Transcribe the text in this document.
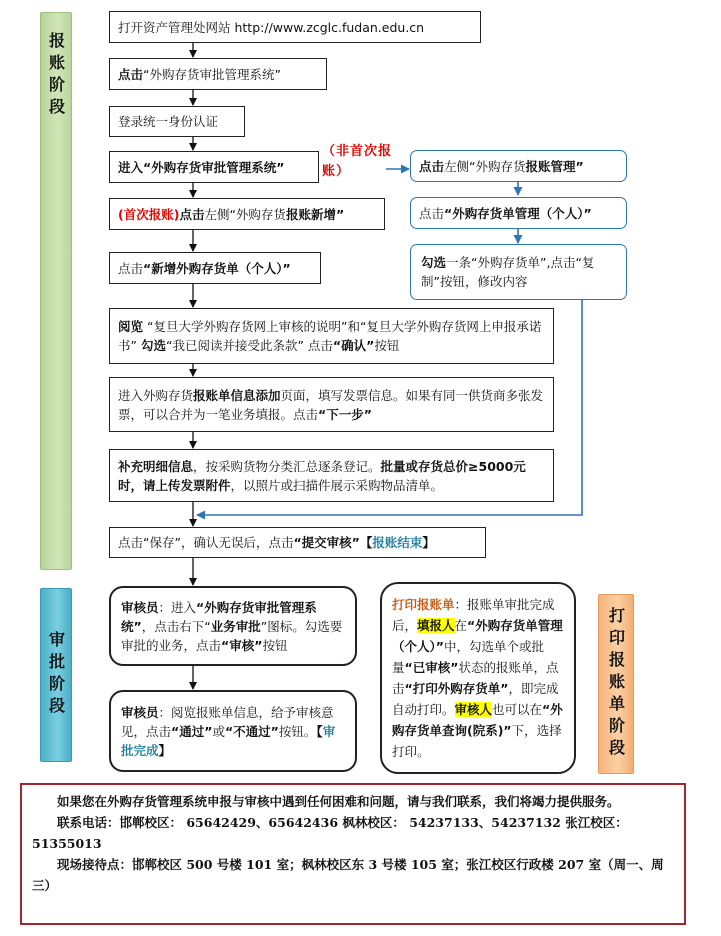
报账阶段
审批阶段	打印报账单阶段
打开资产管理处网站 http://www.zcglc.fudan.edu.cn
点击“外购存货审批管理系统”
登录统一身份认证
进入“外购存货审批管理系统”
(首次报账)点击左侧“外购存货报账新增”
点击“新增外购存货单（个人）”
阅览 “复旦大学外购存货网上审核的说明”和“复旦大学外购存货网上申报承诺书” 勾选“我已阅读并接受此条款” 点击“确认”按钮
进入外购存货报账单信息添加页面，填写发票信息。如果有同一供货商多张发票，可以合并为一笔业务填报。点击“下一步”
补充明细信息，按采购货物分类汇总逐条登记。批量或存货总价≥5000元时，请上传发票附件，以照片或扫描件展示采购物品清单。
点击“保存”，确认无误后，点击“提交审核”【报账结束】
（非首次报账）	点击左侧“外购存货报账管理”
点击“外购存货单管理（个人）”
勾选一条“外购存货单”,点击“复制”按钮，修改内容
审核员：进入“外购存货审批管理系统”，点击右下“业务审批”图标。勾选要审批的业务，点击“审核”按钮
审核员：阅览报账单信息，给予审核意见，点击“通过”或“不通过”按钮。【审批完成】
打印报账单：报账单审批完成后，填报人在“外购存货单管理（个人）”中，勾选单个或批量“已审核”状态的报账单，点击“打印外购存货单”，即完成自动打印。审核人也可以在“外购存货单查询(院系)”下，选择打印。

如果您在外购存货管理系统申报与审核中遇到任何困难和问题，请与我们联系，我们将竭力提供服务。

联系电话：邯郸校区： 65642429、65642436 枫林校区： 54237133、54237132 张江校区： 51355013

现场接待点：邯郸校区 500 号楼 101 室；枫林校区东 3 号楼 105 室；张江校区行政楼 207 室（周一、周三）
